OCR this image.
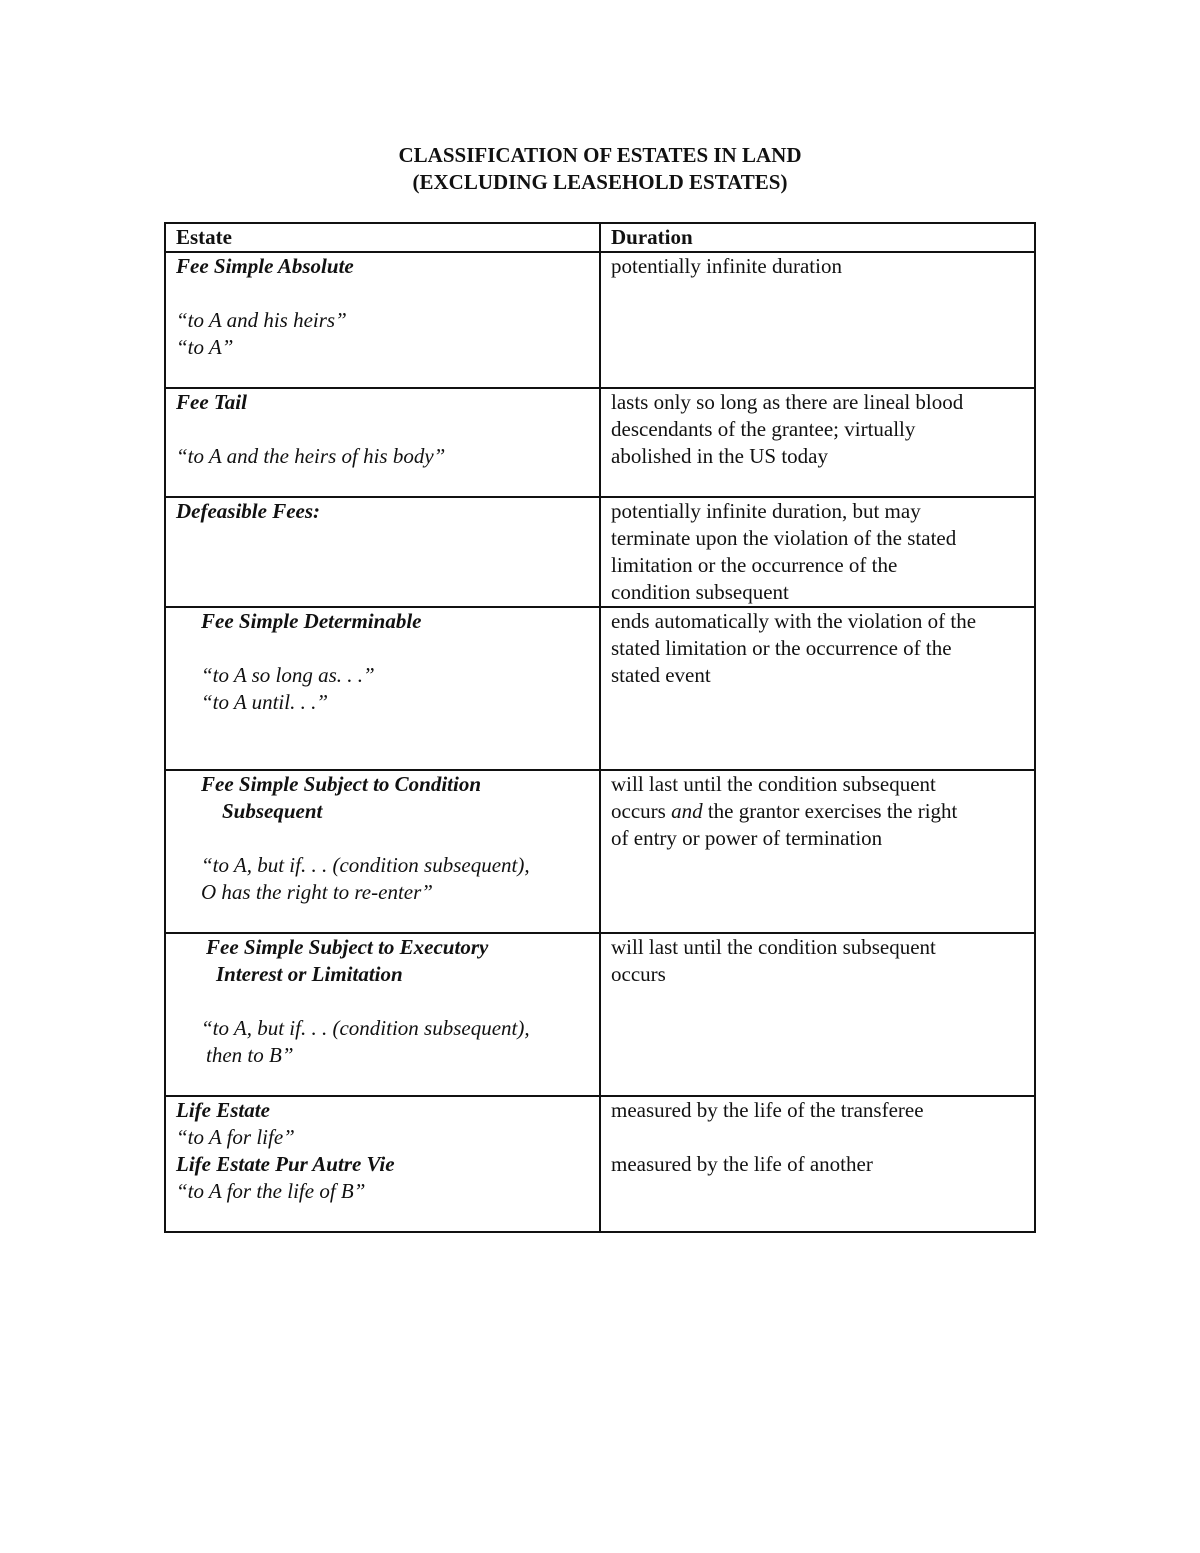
CLASSIFICATION OF ESTATES IN LAND
(EXCLUDING LEASEHOLD ESTATES)
Estate	Duration

Fee Simple Absolute
“to A and his heirs”
“to A”	potentially infinite duration

Fee Tail
“to A and the heirs of his body”	lasts only so long as there are lineal blood
descendants of the grantee; virtually
abolished in the US today

Defeasible Fees:	potentially infinite duration, but may
terminate upon the violation of the stated
limitation or the occurrence of the
condition subsequent

Fee Simple Determinable
“to A so long as. . .”
“to A until. . .”	ends automatically with the violation of the
stated limitation or the occurrence of the
stated event

Fee Simple Subject to Condition
Subsequent
“to A, but if. . . (condition subsequent),
O has the right to re-enter”	will last until the condition subsequent
occurs and the grantor exercises the right
of entry or power of termination

Fee Simple Subject to Executory
Interest or Limitation
“to A, but if. . . (condition subsequent),
then to B”	will last until the condition subsequent
occurs

Life Estate
“to A for life”
Life Estate Pur Autre Vie
“to A for the life of B”	measured by the life of the transferee
measured by the life of another
